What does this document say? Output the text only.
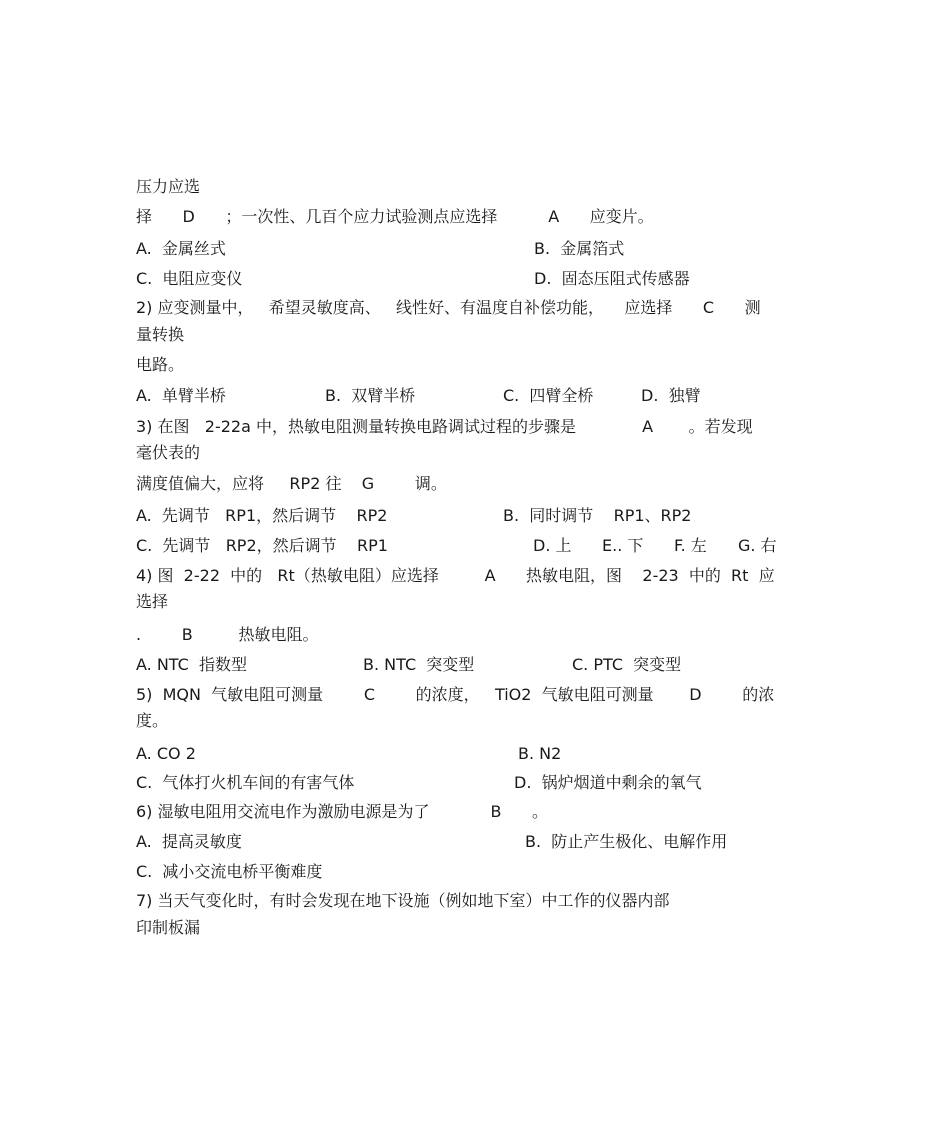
压力应选
择      D      ；一次性、几百个应力试验测点应选择          A      应变片。
A.  金属丝式	B.  金属箔式
C.  电阻应变仪	D.  固态压阻式传感器
2) 应变测量中，   希望灵敏度高、   线性好、有温度自补偿功能，    应选择      C      测
量转换
电路。
A.  单臂半桥	B.  双臂半桥	C.  四臂全桥	D.  独臂
3) 在图   2-22a 中，热敏电阻测量转换电路调试过程的步骤是             A       。若发现
毫伏表的
满度值偏大，应将     RP2 往    G        调。
A.  先调节   RP1，然后调节    RP2	B.  同时调节    RP1、RP2
C.  先调节   RP2，然后调节    RP1	D. 上 E.. 下 F. 左 G. 右
4) 图  2-22  中的   Rt（热敏电阻）应选择         A      热敏电阻，图    2-23  中的  Rt  应
选择
.        B         热敏电阻。
A. NTC  指数型	B. NTC  突变型	C. PTC  突变型
5)  MQN  气敏电阻可测量        C        的浓度，   TiO2  气敏电阻可测量       D        的浓
度。
A. CO 2	B. N2
C.  气体打火机车间的有害气体	D.  锅炉烟道中剩余的氧气
6) 湿敏电阻用交流电作为激励电源是为了            B      。
A.  提高灵敏度	B.  防止产生极化、电解作用
C.  减小交流电桥平衡难度
7) 当天气变化时，有时会发现在地下设施（例如地下室）中工作的仪器内部
印制板漏
